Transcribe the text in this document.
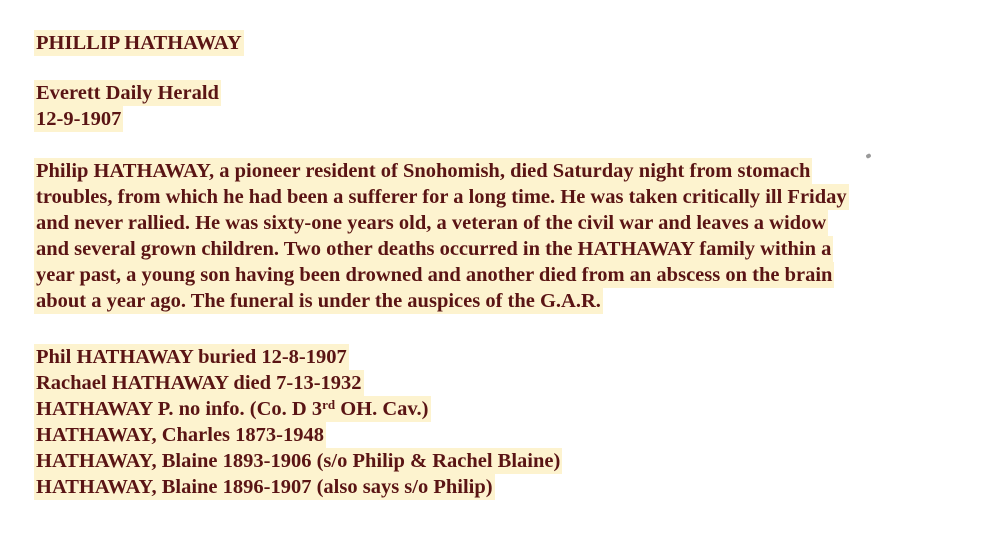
PHILLIP HATHAWAY
Everett Daily Herald
12-9-1907
Philip HATHAWAY, a pioneer resident of Snohomish, died Saturday night from stomach
troubles, from which he had been a sufferer for a long time. He was taken critically ill Friday
and never rallied. He was sixty-one years old, a veteran of the civil war and leaves a widow
and several grown children. Two other deaths occurred in the HATHAWAY family within a
year past, a young son having been drowned and another died from an abscess on the brain
about a year ago. The funeral is under the auspices of the G.A.R.
Phil HATHAWAY buried 12-8-1907
Rachael HATHAWAY died 7-13-1932
HATHAWAY P. no info. (Co. D 3rd OH. Cav.)
HATHAWAY, Charles 1873-1948
HATHAWAY, Blaine 1893-1906 (s/o Philip & Rachel Blaine)
HATHAWAY, Blaine 1896-1907 (also says s/o Philip)
